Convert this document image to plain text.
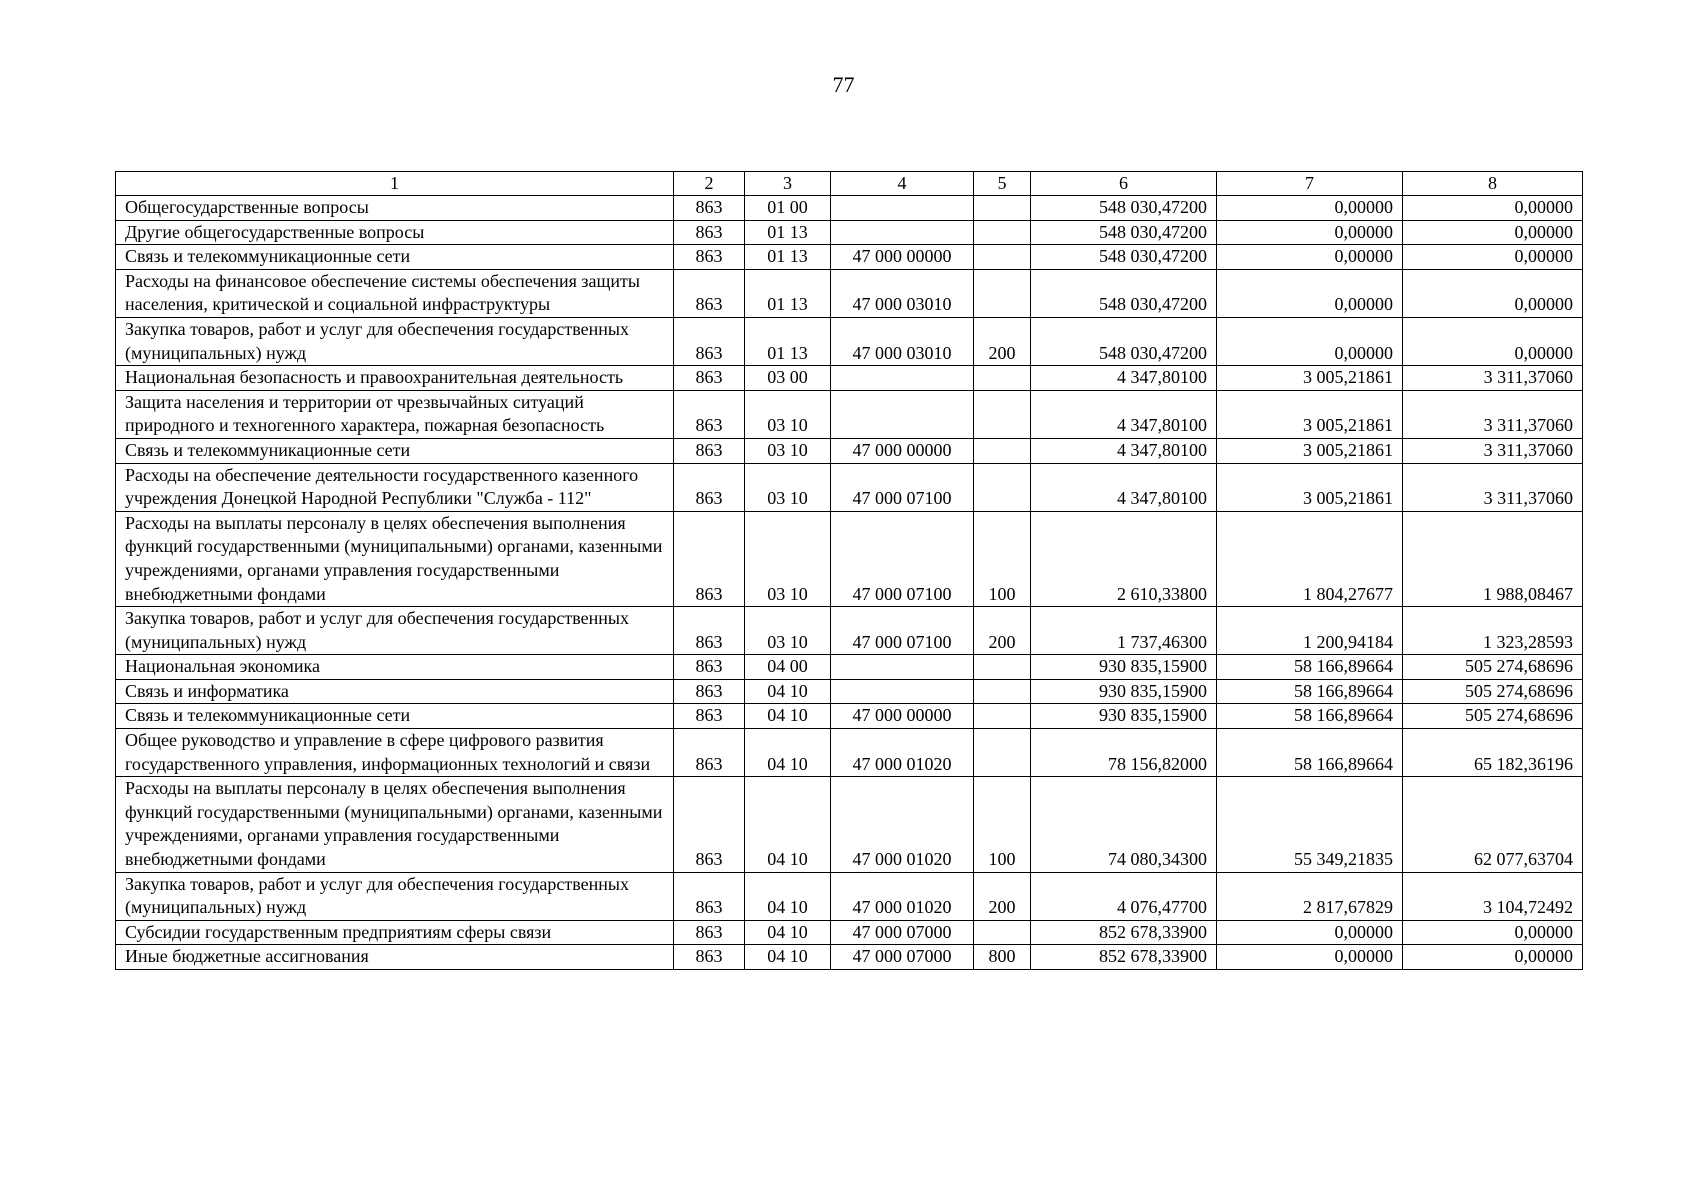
77
1	2	3	4	5	6	7	8
Общегосударственные вопросы	863	01 00			548 030,47200	0,00000	0,00000
Другие общегосударственные вопросы	863	01 13			548 030,47200	0,00000	0,00000
Связь и телекоммуникационные сети	863	01 13	47 000 00000		548 030,47200	0,00000	0,00000
Расходы на финансовое обеспечение системы обеспечения защиты населения, критической и социальной инфраструктуры	863	01 13	47 000 03010		548 030,47200	0,00000	0,00000
Закупка товаров, работ и услуг для обеспечения государственных (муниципальных) нужд	863	01 13	47 000 03010	200	548 030,47200	0,00000	0,00000
Национальная безопасность и правоохранительная деятельность	863	03 00			4 347,80100	3 005,21861	3 311,37060
Защита населения и территории от чрезвычайных ситуаций природного и техногенного характера, пожарная безопасность	863	03 10			4 347,80100	3 005,21861	3 311,37060
Связь и телекоммуникационные сети	863	03 10	47 000 00000		4 347,80100	3 005,21861	3 311,37060
Расходы на обеспечение деятельности государственного казенного учреждения Донецкой Народной Республики "Служба - 112"	863	03 10	47 000 07100		4 347,80100	3 005,21861	3 311,37060
Расходы на выплаты персоналу в целях обеспечения выполнения функций государственными (муниципальными) органами, казенными учреждениями, органами управления государственными внебюджетными фондами	863	03 10	47 000 07100	100	2 610,33800	1 804,27677	1 988,08467
Закупка товаров, работ и услуг для обеспечения государственных (муниципальных) нужд	863	03 10	47 000 07100	200	1 737,46300	1 200,94184	1 323,28593
Национальная экономика	863	04 00			930 835,15900	58 166,89664	505 274,68696
Связь и информатика	863	04 10			930 835,15900	58 166,89664	505 274,68696
Связь и телекоммуникационные сети	863	04 10	47 000 00000		930 835,15900	58 166,89664	505 274,68696
Общее руководство и управление в сфере цифрового развития государственного управления, информационных технологий и связи	863	04 10	47 000 01020		78 156,82000	58 166,89664	65 182,36196
Расходы на выплаты персоналу в целях обеспечения выполнения функций государственными (муниципальными) органами, казенными учреждениями, органами управления государственными внебюджетными фондами	863	04 10	47 000 01020	100	74 080,34300	55 349,21835	62 077,63704
Закупка товаров, работ и услуг для обеспечения государственных (муниципальных) нужд	863	04 10	47 000 01020	200	4 076,47700	2 817,67829	3 104,72492
Субсидии государственным предприятиям сферы связи	863	04 10	47 000 07000		852 678,33900	0,00000	0,00000
Иные бюджетные ассигнования	863	04 10	47 000 07000	800	852 678,33900	0,00000	0,00000
